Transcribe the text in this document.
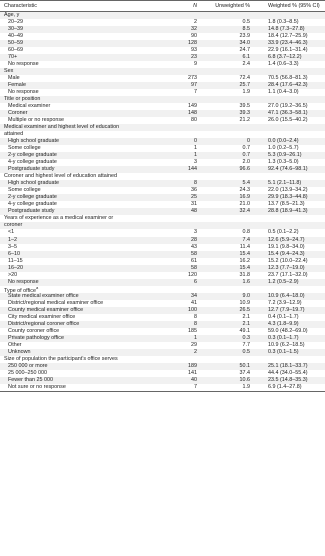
Characteristic	N	Unweighted %	Weighted % (95% CI)
Age, y
20–29	2	0.5	1.8 (0.3–8.5)
30–39	32	8.5	14.8 (7.3–27.8)
40–49	90	23.9	18.4 (12.7–25.9)
50–59	128	34.0	33.9 (23.4–46.3)
60–69	93	24.7	22.9 (16.1–31.4)
70+	23	6.1	6.8 (3.7–12.2)
No response	9	2.4	1.4 (0.6–3.3)
Sex
Male	273	72.4	70.5 (56.8–81.3)
Female	97	25.7	28.4 (17.6–42.3)
No response	7	1.9	1.1 (0.4–3.0)
Title or position
Medical examiner	149	39.5	27.0 (19.2–36.5)
Coroner	148	39.3	47.1 (36.3–58.1)
Multiple or no response	80	21.2	26.0 (15.5–40.2)
Medical examiner and highest level of education
attained
High school graduate	0	0	0.0 (0.0–2.4)
Some college	1	0.7	1.0 (0.2–5.7)
2-y college graduate	1	0.7	5.3 (0.9–26.1)
4-y college graduate	3	2.0	1.3 (0.3–5.0)
Postgraduate study	144	96.6	92.4 (74.6–98.1)
Coroner and highest level of education attained
High school graduate	8	5.4	5.1 (2.1–11.8)
Some college	36	24.3	22.0 (13.9–34.2)
2-y college graduate	25	16.9	29.9 (18.3–44.8)
4-y college graduate	31	21.0	13.7 (8.5–21.3)
Postgraduate study	48	32.4	28.8 (18.9–41.3)
Years of experience as a medical examiner or
coroner
<1	3	0.8	0.5 (0.1–2.2)
1–2	28	7.4	12.6 (5.9–24.7)
3–5	43	11.4	19.1 (9.8–34.0)
6–10	58	15.4	15.4 (9.4–24.3)
11–15	61	16.2	15.2 (10.0–22.4)
16–20	58	15.4	12.3 (7.7–19.0)
>20	120	31.8	23.7 (17.1–32.0)
No response	6	1.6	1.2 (0.5–2.9)
Type of office$^a$
State medical examiner office	34	9.0	10.9 (6.4–18.0)
District/regional medical examiner office	41	10.9	7.2 (3.9–12.9)
County medical examiner office	100	26.5	12.7 (7.9–19.7)
City medical examiner office	8	2.1	0.4 (0.1–1.7)
District/regional coroner office	8	2.1	4.3 (1.8–9.9)
County coroner office	185	49.1	59.0 (48.2–69.0)
Private pathology office	1	0.3	0.3 (0.1–1.7)
Other	29	7.7	10.9 (6.2–18.5)
Unknown	2	0.5	0.3 (0.1–1.5)
Size of population the participant’s office serves
250 000 or more	189	50.1	25.1 (18.1–33.7)
25 000–250 000	141	37.4	44.4 (34.0–55.4)
Fewer than 25 000	40	10.6	23.5 (14.8–35.3)
Not sure or no response	7	1.9	6.9 (1.4–27.8)
